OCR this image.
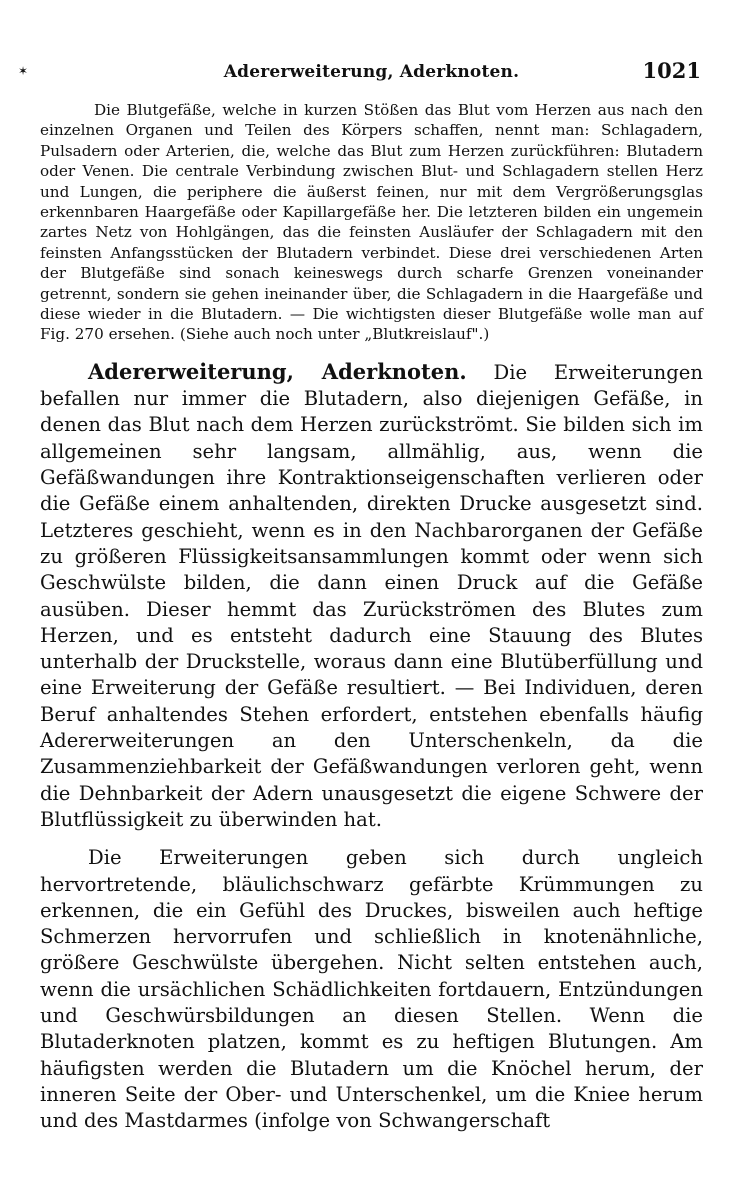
✶	Adererweiterung, Aderknoten.	1021

Die Blutgefäße, welche in kurzen Stößen das Blut vom Herzen aus nach den einzelnen Organen und Teilen des Körpers schaffen, nennt man: Schlagadern, Pulsadern oder Arterien, die, welche das Blut zum Herzen zurückführen: Blutadern oder Venen. Die centrale Verbindung zwischen Blut- und Schlagadern stellen Herz und Lungen, die periphere die äußerst feinen, nur mit dem Vergrößerungsglas erkennbaren Haargefäße oder Kapillargefäße her. Die letzteren bilden ein ungemein zartes Netz von Hohlgängen, das die feinsten Ausläufer der Schlagadern mit den feinsten Anfangsstücken der Blutadern verbindet. Diese drei verschiedenen Arten der Blutgefäße sind sonach keineswegs durch scharfe Grenzen voneinander getrennt, sondern sie gehen ineinander über, die Schlagadern in die Haargefäße und diese wieder in die Blutadern. — Die wichtigsten dieser Blutgefäße wolle man auf Fig. 270 ersehen. (Siehe auch noch unter „Blutkreislauf".)

Adererweiterung, Aderknoten. Die Erweiterungen befallen nur immer die Blutadern, also diejenigen Gefäße, in denen das Blut nach dem Herzen zurückströmt. Sie bilden sich im allgemeinen sehr langsam, allmählig, aus, wenn die Gefäßwandungen ihre Kontraktionseigenschaften verlieren oder die Gefäße einem anhaltenden, direkten Drucke ausgesetzt sind. Letzteres geschieht, wenn es in den Nachbarorganen der Gefäße zu größeren Flüssigkeitsansammlungen kommt oder wenn sich Geschwülste bilden, die dann einen Druck auf die Gefäße ausüben. Dieser hemmt das Zurückströmen des Blutes zum Herzen, und es entsteht dadurch eine Stauung des Blutes unterhalb der Druckstelle, woraus dann eine Blutüberfüllung und eine Erweiterung der Gefäße resultiert. — Bei Individuen, deren Beruf anhaltendes Stehen erfordert, entstehen ebenfalls häufig Adererweiterungen an den Unterschenkeln, da die Zusammenziehbarkeit der Gefäßwandungen verloren geht, wenn die Dehnbarkeit der Adern unausgesetzt die eigene Schwere der Blutflüssigkeit zu überwinden hat.

Die Erweiterungen geben sich durch ungleich hervortretende, bläulichschwarz gefärbte Krümmungen zu erkennen, die ein Gefühl des Druckes, bisweilen auch heftige Schmerzen hervorrufen und schließlich in knotenähnliche, größere Geschwülste übergehen. Nicht selten entstehen auch, wenn die ursächlichen Schädlichkeiten fortdauern, Entzündungen und Geschwürsbildungen an diesen Stellen. Wenn die Blutaderknoten platzen, kommt es zu heftigen Blutungen. Am häufigsten werden die Blutadern um die Knöchel herum, der inneren Seite der Ober- und Unterschenkel, um die Kniee herum und des Mastdarmes (infolge von Schwangerschaft
